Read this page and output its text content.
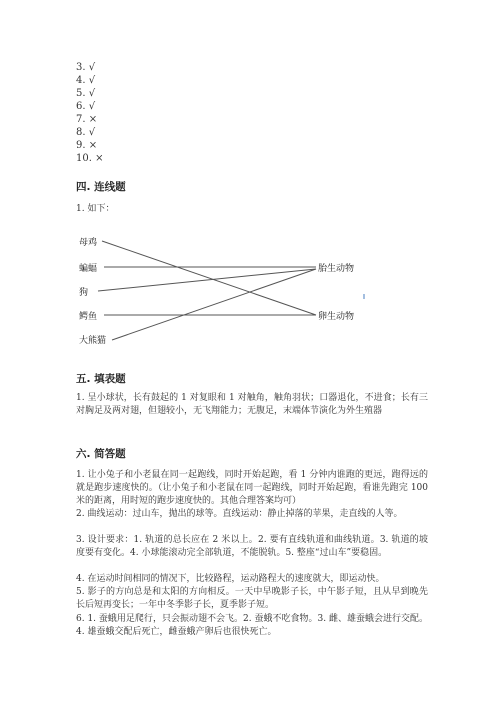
3. √
4. √
5. √
6. √
7. ×
8. √
9. ×
10. ×
四. 连线题
1. 如下：
母鸡
蝙蝠
狗
鳄鱼
大熊猫
胎生动物
卵生动物
五. 填表题
1. 呈小球状，长有鼓起的 1 对复眼和 1 对触角，触角羽状；口器退化，不进食；长有三对胸足及两对翅，但翅较小，无飞翔能力；无腹足，末端体节演化为外生殖器
六. 简答题
1. 让小兔子和小老鼠在同一起跑线，同时开始起跑，看 1 分钟内谁跑的更远，跑得远的就是跑步速度快的。（让小兔子和小老鼠在同一起跑线，同时开始起跑，看谁先跑完 100 米的距离，用时短的跑步速度快的。其他合理答案均可）
2. 曲线运动：过山车，抛出的球等。直线运动：静止掉落的苹果，走直线的人等。
3. 设计要求：1. 轨道的总长应在 2 米以上。2. 要有直线轨道和曲线轨道。3. 轨道的坡度要有变化。4. 小球能滚动完全部轨道，不能脱轨。5. 整座“过山车”要稳固。
4. 在运动时间相同的情况下，比较路程，运动路程大的速度就大，即运动快。
5. 影子的方向总是和太阳的方向相反。一天中早晚影子长，中午影子短，且从早到晚先长后短再变长；一年中冬季影子长，夏季影子短。
6. 1. 蚕蛾用足爬行，只会振动翅不会飞。2. 蚕蛾不吃食物。3. 雌、雄蚕蛾会进行交配。4. 雄蚕蛾交配后死亡，雌蚕蛾产卵后也很快死亡。
